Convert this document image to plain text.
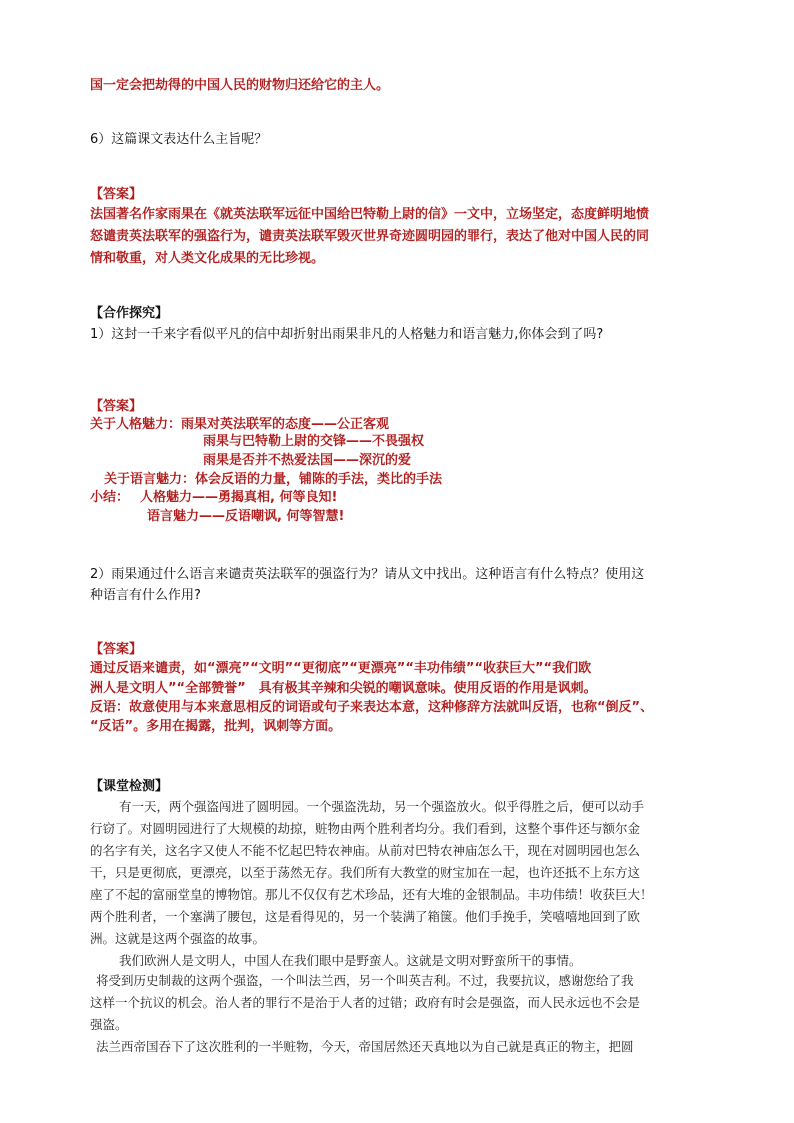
国一定会把劫得的中国人民的财物归还给它的主人。
6）这篇课文表达什么主旨呢？
【答案】
法国著名作家雨果在《就英法联军远征中国给巴特勒上尉的信》一文中，立场坚定，态度鲜明地愤
怒谴责英法联军的强盗行为，谴责英法联军毁灭世界奇迹圆明园的罪行，表达了他对中国人民的同
情和敬重，对人类文化成果的无比珍视。
【合作探究】
1）这封一千来字看似平凡的信中却折射出雨果非凡的人格魅力和语言魅力,你体会到了吗?
【答案】
关于人格魅力：雨果对英法联军的态度——公正客观
雨果与巴特勒上尉的交锋——不畏强权
雨果是否并不热爱法国——深沉的爱
关于语言魅力：体会反语的力量，铺陈的手法，类比的手法
小结：　 人格魅力——勇揭真相, 何等良知!
语言魅力——反语嘲讽, 何等智慧!
2）雨果通过什么语言来谴责英法联军的强盗行为？请从文中找出。这种语言有什么特点？使用这
种语言有什么作用?
【答案】
通过反语来谴责，如“漂亮”“文明”“更彻底”“更漂亮”“丰功伟绩”“收获巨大”“我们欧
洲人是文明人”“全部赞誉”　具有极其辛辣和尖锐的嘲讽意味。使用反语的作用是讽刺。
反语：故意使用与本来意思相反的词语或句子来表达本意，这种修辞方法就叫反语，也称“倒反”、
“反话”。多用在揭露，批判，讽刺等方面。
【课堂检测】
有一天，两个强盗闯进了圆明园。一个强盗洗劫，另一个强盗放火。似乎得胜之后，便可以动手
行窃了。对圆明园进行了大规模的劫掠，赃物由两个胜利者均分。我们看到，这整个事件还与额尔金
的名字有关，这名字又使人不能不忆起巴特农神庙。从前对巴特农神庙怎么干，现在对圆明园也怎么
干，只是更彻底，更漂亮，以至于荡然无存。我们所有大教堂的财宝加在一起，也许还抵不上东方这
座了不起的富丽堂皇的博物馆。那儿不仅仅有艺术珍品，还有大堆的金银制品。丰功伟绩！收获巨大！
两个胜利者，一个塞满了腰包，这是看得见的，另一个装满了箱箧。他们手挽手，笑嘻嘻地回到了欧
洲。这就是这两个强盗的故事。
我们欧洲人是文明人，中国人在我们眼中是野蛮人。这就是文明对野蛮所干的事情。
将受到历史制裁的这两个强盗，一个叫法兰西，另一个叫英吉利。不过，我要抗议，感谢您给了我
这样一个抗议的机会。治人者的罪行不是治于人者的过错；政府有时会是强盗，而人民永远也不会是
强盗。
法兰西帝国吞下了这次胜利的一半赃物，今天，帝国居然还天真地以为自己就是真正的物主，把圆
